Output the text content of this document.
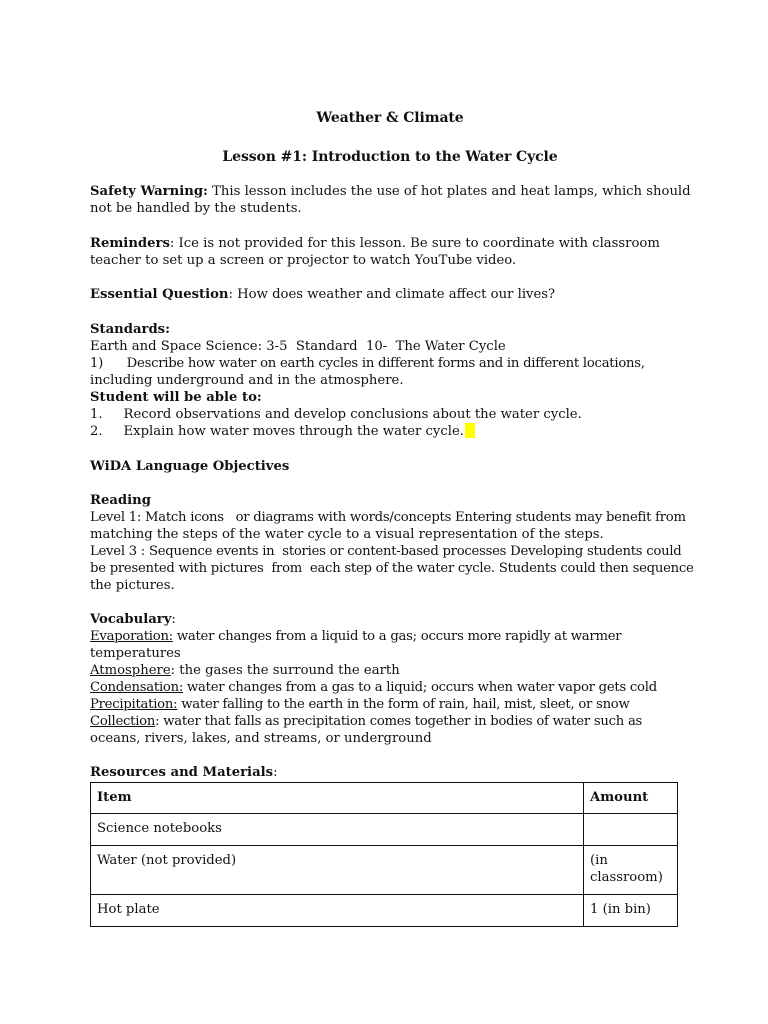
Weather & Climate
Lesson #1: Introduction to the Water Cycle
Safety Warning: This lesson includes the use of hot plates and heat lamps, which should
not be handled by the students.
Reminders: Ice is not provided for this lesson. Be sure to coordinate with classroom
teacher to set up a screen or projector to watch YouTube video.
Essential Question: How does weather and climate affect our lives?
Standards:
Earth and Space Science: 3-5  Standard  10-  The Water Cycle
1)      Describe how water on earth cycles in different forms and in different locations,
including underground and in the atmosphere.
Student will be able to:
1.     Record observations and develop conclusions about the water cycle.
2.     Explain how water moves through the water cycle.
WiDA Language Objectives
Reading
Level 1: Match icons   or diagrams with words/concepts Entering students may benefit from
matching the steps of the water cycle to a visual representation of the steps.
Level 3 : Sequence events in  stories or content-based processes Developing students could
be presented with pictures  from  each step of the water cycle. Students could then sequence
the pictures.
Vocabulary:
Evaporation: water changes from a liquid to a gas; occurs more rapidly at warmer
temperatures
Atmosphere: the gases the surround the earth
Condensation: water changes from a gas to a liquid; occurs when water vapor gets cold
Precipitation: water falling to the earth in the form of rain, hail, mist, sleet, or snow
Collection: water that falls as precipitation comes together in bodies of water such as
oceans, rivers, lakes, and streams, or underground
Resources and Materials:
Item	Amount
Science notebooks	
Water (not provided)	(in classroom)
Hot plate	1 (in bin)
